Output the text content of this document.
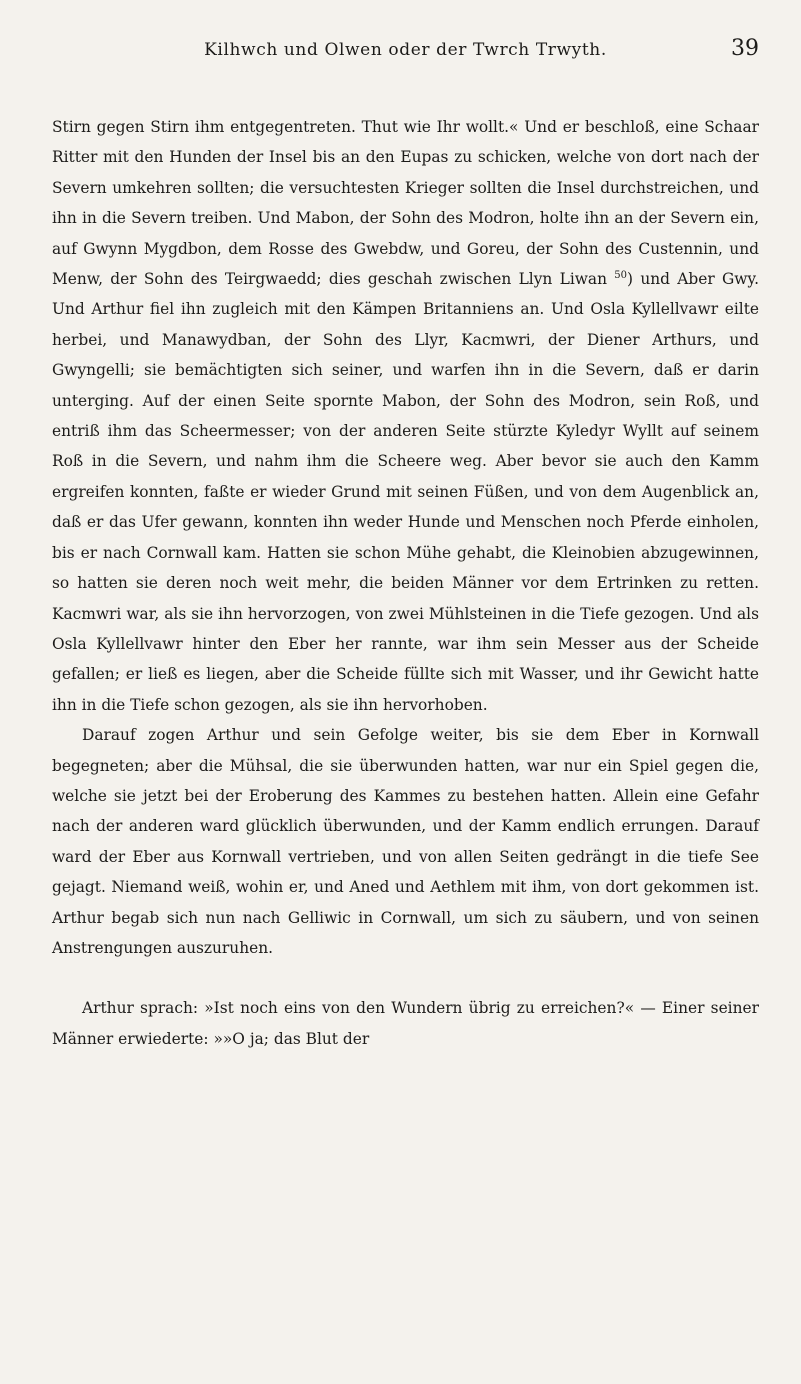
Kilhwch und Olwen oder der Twrch Trwyth.	39

Stirn gegen Stirn ihm entgegentreten. Thut wie Ihr wollt.« Und er beschloß, eine Schaar Ritter mit den Hunden der Insel bis an den Eupas zu schicken, welche von dort nach der Severn umkehren sollten; die versuchtesten Krieger sollten die Insel durchstreichen, und ihn in die Severn treiben. Und Mabon, der Sohn des Modron, holte ihn an der Severn ein, auf Gwynn Mygdbon, dem Rosse des Gwebdw, und Goreu, der Sohn des Custennin, und Menw, der Sohn des Teirgwaedd; dies geschah zwischen Llyn Liwan $^{50}$) und Aber Gwy. Und Arthur fiel ihn zugleich mit den Kämpen Britanniens an. Und Osla Kyllellvawr eilte herbei, und Manawydban, der Sohn des Llyr, Kacmwri, der Diener Arthurs, und Gwyngelli; sie bemächtigten sich seiner, und warfen ihn in die Severn, daß er darin unterging. Auf der einen Seite spornte Mabon, der Sohn des Modron, sein Roß, und entriß ihm das Scheermesser; von der anderen Seite stürzte Kyledyr Wyllt auf seinem Roß in die Severn, und nahm ihm die Scheere weg. Aber bevor sie auch den Kamm ergreifen konnten, faßte er wieder Grund mit seinen Füßen, und von dem Augenblick an, daß er das Ufer gewann, konnten ihn weder Hunde und Menschen noch Pferde einholen, bis er nach Cornwall kam. Hatten sie schon Mühe gehabt, die Kleinobien abzugewinnen, so hatten sie deren noch weit mehr, die beiden Männer vor dem Ertrinken zu retten. Kacmwri war, als sie ihn hervorzogen, von zwei Mühlsteinen in die Tiefe gezogen. Und als Osla Kyllellvawr hinter den Eber her rannte, war ihm sein Messer aus der Scheide gefallen; er ließ es liegen, aber die Scheide füllte sich mit Wasser, und ihr Gewicht hatte ihn in die Tiefe schon gezogen, als sie ihn hervorhoben.

Darauf zogen Arthur und sein Gefolge weiter, bis sie dem Eber in Kornwall begegneten; aber die Mühsal, die sie überwunden hatten, war nur ein Spiel gegen die, welche sie jetzt bei der Eroberung des Kammes zu bestehen hatten. Allein eine Gefahr nach der anderen ward glücklich überwunden, und der Kamm endlich errungen. Darauf ward der Eber aus Kornwall vertrieben, und von allen Seiten gedrängt in die tiefe See gejagt. Niemand weiß, wohin er, und Aned und Aethlem mit ihm, von dort gekommen ist. Arthur begab sich nun nach Gelliwic in Cornwall, um sich zu säubern, und von seinen Anstrengungen auszuruhen.

Arthur sprach: »Ist noch eins von den Wundern übrig zu erreichen?« — Einer seiner Männer erwiederte: »»O ja; das Blut der
